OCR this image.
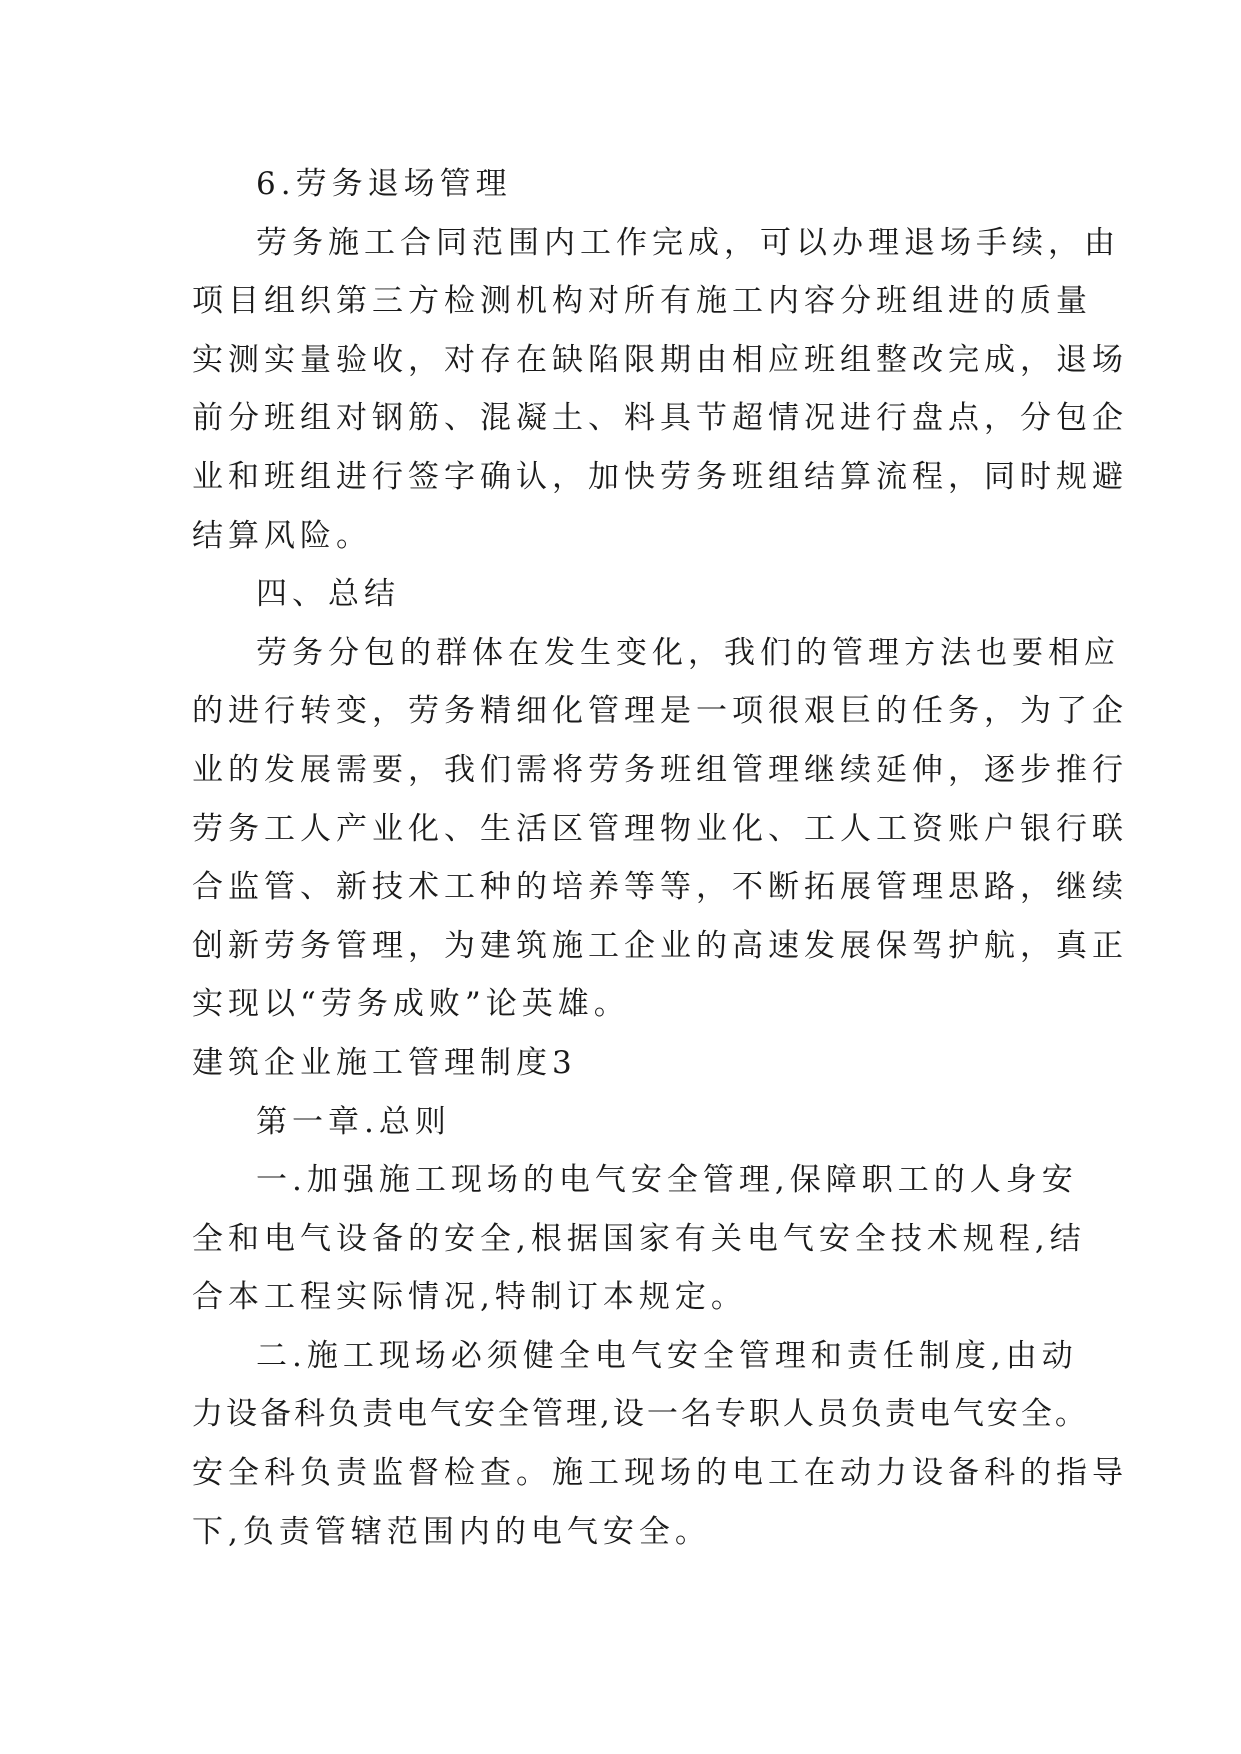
6.劳务退场管理
劳务施工合同范围内工作完成，可以办理退场手续，由
项目组织第三方检测机构对所有施工内容分班组进的质量
实测实量验收，对存在缺陷限期由相应班组整改完成，退场
前分班组对钢筋、混凝土、料具节超情况进行盘点，分包企
业和班组进行签字确认，加快劳务班组结算流程，同时规避
结算风险。
四、总结
劳务分包的群体在发生变化，我们的管理方法也要相应
的进行转变，劳务精细化管理是一项很艰巨的任务，为了企
业的发展需要，我们需将劳务班组管理继续延伸，逐步推行
劳务工人产业化、生活区管理物业化、工人工资账户银行联
合监管、新技术工种的培养等等，不断拓展管理思路，继续
创新劳务管理，为建筑施工企业的高速发展保驾护航，真正
实现以“劳务成败”论英雄。
建筑企业施工管理制度3
第一章.总则
一.加强施工现场的电气安全管理,保障职工的人身安
全和电气设备的安全,根据国家有关电气安全技术规程,结
合本工程实际情况,特制订本规定。
二.施工现场必须健全电气安全管理和责任制度,由动
力设备科负责电气安全管理,设一名专职人员负责电气安全。
安全科负责监督检查。施工现场的电工在动力设备科的指导
下,负责管辖范围内的电气安全。
